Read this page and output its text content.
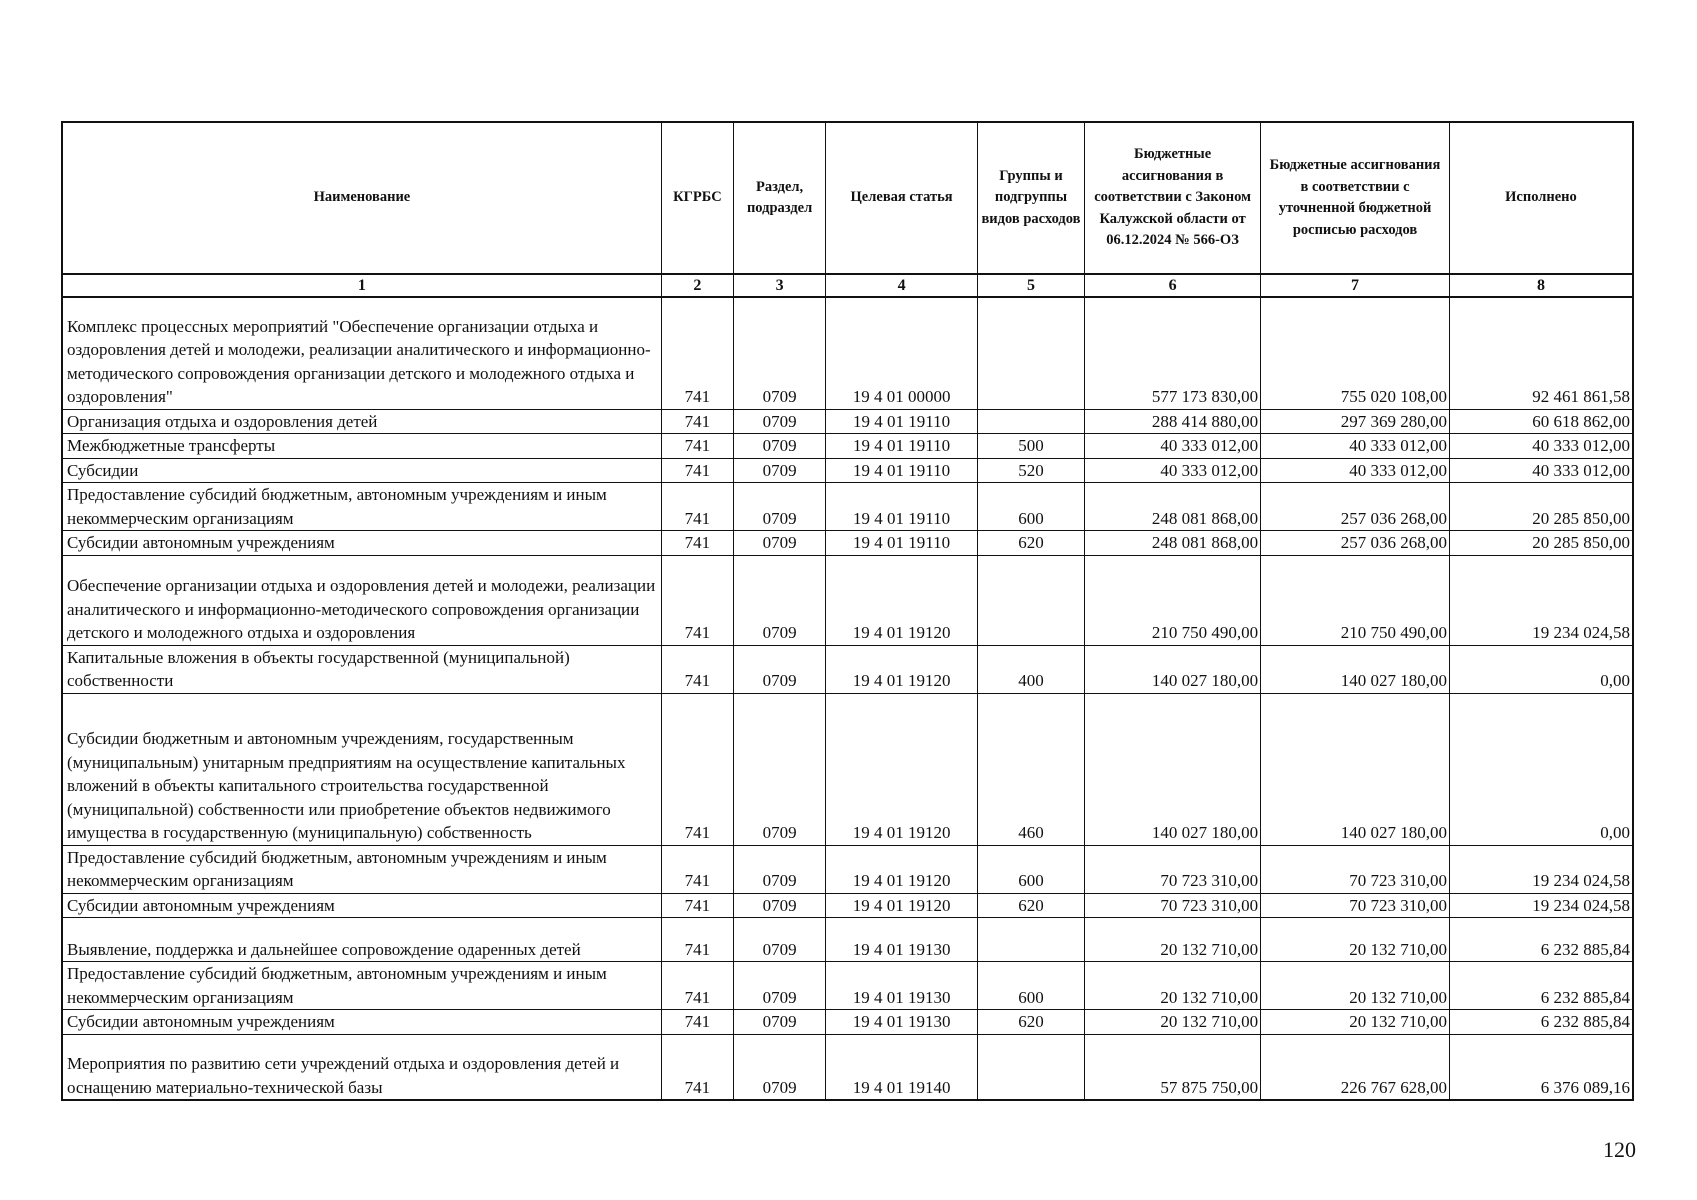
Наименование	КГРБС	Раздел, подраздел	Целевая статья	Группы и подгруппы видов расходов	Бюджетные ассигнования в соответствии с Законом Калужской области от 06.12.2024 № 566-ОЗ	Бюджетные ассигнования в соответствии с уточненной бюджетной росписью расходов	Исполнено
1	2	3	4	5	6	7	8
Комплекс процессных мероприятий "Обеспечение организации отдыха и оздоровления детей и молодежи, реализации аналитического и информационно-методического сопровождения организации детского и молодежного отдыха и оздоровления"	741	0709	19 4 01 00000		577 173 830,00	755 020 108,00	92 461 861,58
Организация отдыха и оздоровления детей	741	0709	19 4 01 19110		288 414 880,00	297 369 280,00	60 618 862,00
Межбюджетные трансферты	741	0709	19 4 01 19110	500	40 333 012,00	40 333 012,00	40 333 012,00
Субсидии	741	0709	19 4 01 19110	520	40 333 012,00	40 333 012,00	40 333 012,00
Предоставление субсидий бюджетным, автономным учреждениям и иным некоммерческим организациям	741	0709	19 4 01 19110	600	248 081 868,00	257 036 268,00	20 285 850,00
Субсидии автономным учреждениям	741	0709	19 4 01 19110	620	248 081 868,00	257 036 268,00	20 285 850,00
Обеспечение организации отдыха и оздоровления детей и молодежи, реализации аналитического и информационно-методического сопровождения организации детского и молодежного отдыха и оздоровления	741	0709	19 4 01 19120		210 750 490,00	210 750 490,00	19 234 024,58
Капитальные вложения в объекты государственной (муниципальной) собственности	741	0709	19 4 01 19120	400	140 027 180,00	140 027 180,00	0,00
Субсидии бюджетным и автономным учреждениям, государственным (муниципальным) унитарным предприятиям на осуществление капитальных вложений в объекты капитального строительства государственной (муниципальной) собственности или приобретение объектов недвижимого имущества в государственную (муниципальную) собственность	741	0709	19 4 01 19120	460	140 027 180,00	140 027 180,00	0,00
Предоставление субсидий бюджетным, автономным учреждениям и иным некоммерческим организациям	741	0709	19 4 01 19120	600	70 723 310,00	70 723 310,00	19 234 024,58
Субсидии автономным учреждениям	741	0709	19 4 01 19120	620	70 723 310,00	70 723 310,00	19 234 024,58
Выявление, поддержка и дальнейшее сопровождение одаренных детей	741	0709	19 4 01 19130		20 132 710,00	20 132 710,00	6 232 885,84
Предоставление субсидий бюджетным, автономным учреждениям и иным некоммерческим организациям	741	0709	19 4 01 19130	600	20 132 710,00	20 132 710,00	6 232 885,84
Субсидии автономным учреждениям	741	0709	19 4 01 19130	620	20 132 710,00	20 132 710,00	6 232 885,84
Мероприятия по развитию сети учреждений отдыха и оздоровления детей и оснащению материально-технической базы	741	0709	19 4 01 19140		57 875 750,00	226 767 628,00	6 376 089,16
120
